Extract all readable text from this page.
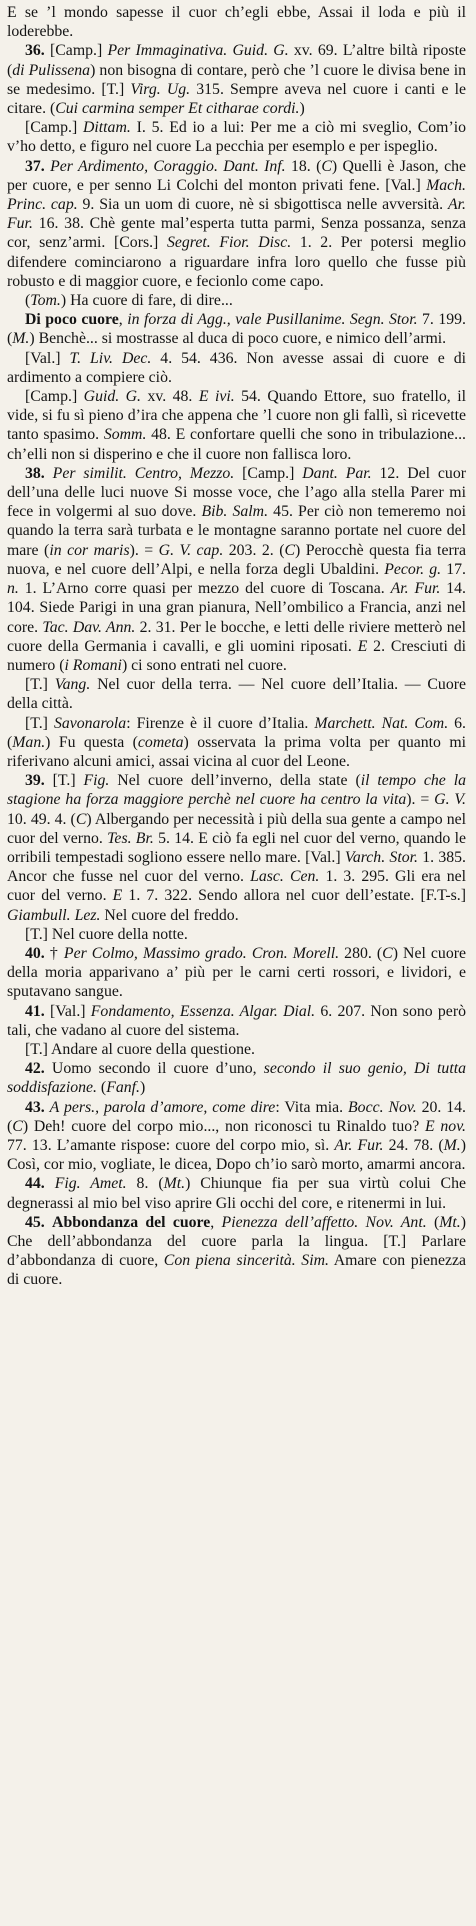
E se ’l mondo sapesse il cuor ch’egli ebbe, Assai il loda e più il loderebbe.

36. [Camp.] Per Immaginativa. Guid. G. xv. 69. L’altre biltà riposte (di Pulissena) non bisogna di contare, però che ’l cuore le divisa bene in se medesimo. [T.] Virg. Ug. 315. Sempre aveva nel cuore i canti e le citare. (Cui carmina semper Et citharae cordi.)

[Camp.] Dittam. I. 5. Ed io a lui: Per me a ciò mi sveglio, Com’io v’ho detto, e figuro nel cuore La pecchia per esemplo e per ispeglio.

37. Per Ardimento, Coraggio. Dant. Inf. 18. (C) Quelli è Jason, che per cuore, e per senno Li Colchi del monton privati fene. [Val.] Mach. Princ. cap. 9. Sia un uom di cuore, nè si sbigottisca nelle avversità. Ar. Fur. 16. 38. Chè gente mal’esperta tutta parmi, Senza possanza, senza cor, senz’armi. [Cors.] Segret. Fior. Disc. 1. 2. Per potersi meglio difendere cominciarono a riguardare infra loro quello che fusse più robusto e di maggior cuore, e fecionlo come capo.

(Tom.) Ha cuore di fare, di dire...

Di poco cuore, in forza di Agg., vale Pusillanime. Segn. Stor. 7. 199. (M.) Benchè... si mostrasse al duca di poco cuore, e nimico dell’armi.

[Val.] T. Liv. Dec. 4. 54. 436. Non avesse assai di cuore e di ardimento a compiere ciò.

[Camp.] Guid. G. xv. 48. E ivi. 54. Quando Ettore, suo fratello, il vide, si fu sì pieno d’ira che appena che ’l cuore non gli fallì, sì ricevette tanto spasimo. Somm. 48. E confortare quelli che sono in tribulazione... ch’elli non si disperino e che il cuore non fallisca loro.

38. Per similit. Centro, Mezzo. [Camp.] Dant. Par. 12. Del cuor dell’una delle luci nuove Si mosse voce, che l’ago alla stella Parer mi fece in volgermi al suo dove. Bib. Salm. 45. Per ciò non temeremo noi quando la terra sarà turbata e le montagne saranno portate nel cuore del mare (in cor maris). = G. V. cap. 203. 2. (C) Perocchè questa fia terra nuova, e nel cuore dell’Alpi, e nella forza degli Ubaldini. Pecor. g. 17. n. 1. L’Arno corre quasi per mezzo del cuore di Toscana. Ar. Fur. 14. 104. Siede Parigi in una gran pianura, Nell’ombilico a Francia, anzi nel core. Tac. Dav. Ann. 2. 31. Per le bocche, e letti delle riviere metterò nel cuore della Germania i cavalli, e gli uomini riposati. E 2. Cresciuti di numero (i Romani) ci sono entrati nel cuore.

[T.] Vang. Nel cuor della terra. — Nel cuore dell’Italia. — Cuore della città.

[T.] Savonarola: Firenze è il cuore d’Italia. Marchett. Nat. Com. 6. (Man.) Fu questa (cometa) osservata la prima volta per quanto mi riferivano alcuni amici, assai vicina al cuor del Leone.

39. [T.] Fig. Nel cuore dell’inverno, della state (il tempo che la stagione ha forza maggiore perchè nel cuore ha centro la vita). = G. V. 10. 49. 4. (C) Albergando per necessità i più della sua gente a campo nel cuor del verno. Tes. Br. 5. 14. E ciò fa egli nel cuor del verno, quando le orribili tempestadi sogliono essere nello mare. [Val.] Varch. Stor. 1. 385. Ancor che fusse nel cuor del verno. Lasc. Cen. 1. 3. 295. Gli era nel cuor del verno. E 1. 7. 322. Sendo allora nel cuor dell’estate. [F.T-s.] Giambull. Lez. Nel cuore del freddo.

[T.] Nel cuore della notte.

40. † Per Colmo, Massimo grado. Cron. Morell. 280. (C) Nel cuore della moria apparivano a’ più per le carni certi rossori, e lividori, e sputavano sangue.

41. [Val.] Fondamento, Essenza. Algar. Dial. 6. 207. Non sono però tali, che vadano al cuore del sistema.

[T.] Andare al cuore della questione.

42. Uomo secondo il cuore d’uno, secondo il suo genio, Di tutta soddisfazione. (Fanf.)

43. A pers., parola d’amore, come dire: Vita mia. Bocc. Nov. 20. 14. (C) Deh! cuore del corpo mio..., non riconosci tu Rinaldo tuo? E nov. 77. 13. L’amante rispose: cuore del corpo mio, sì. Ar. Fur. 24. 78. (M.) Così, cor mio, vogliate, le dicea, Dopo ch’io sarò morto, amarmi ancora.

44. Fig. Amet. 8. (Mt.) Chiunque fia per sua virtù colui Che degnerassi al mio bel viso aprire Gli occhi del core, e ritenermi in lui.

45. Abbondanza del cuore, Pienezza dell’affetto. Nov. Ant. (Mt.) Che dell’abbondanza del cuore parla la lingua. [T.] Parlare d’abbondanza di cuore, Con piena sincerità. Sim. Amare con pienezza di cuore.
